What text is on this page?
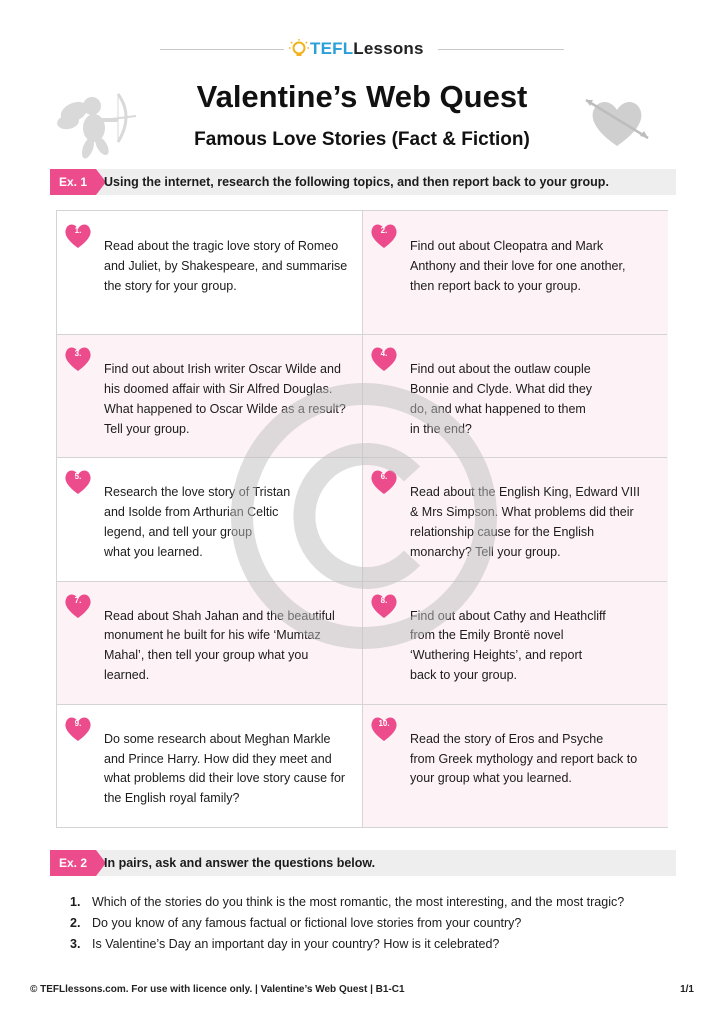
TEFLLessons
Valentine’s Web Quest
Famous Love Stories (Fact & Fiction)
Ex. 1	Using the internet, research the following topics, and then report back to your group.
1.
Read about the tragic love story of Romeo
and Juliet, by Shakespeare, and summarise
the story for your group.
2.
Find out about Cleopatra and Mark
Anthony and their love for one another,
then report back to your group.
3.
Find out about Irish writer Oscar Wilde and
his doomed affair with Sir Alfred Douglas.
What happened to Oscar Wilde as a result?
Tell your group.
4.
Find out about the outlaw couple
Bonnie and Clyde. What did they
do, and what happened to them
in the end?
5.
Research the love story of Tristan
and Isolde from Arthurian Celtic
legend, and tell your group
what you learned.
6.
Read about the English King, Edward VIII
& Mrs Simpson. What problems did their
relationship cause for the English
monarchy? Tell your group.
7.
Read about Shah Jahan and the beautiful
monument he built for his wife ‘Mumtaz
Mahal’, then tell your group what you
learned.
8.
Find out about Cathy and Heathcliff
from the Emily Brontë novel
‘Wuthering Heights’, and report
back to your group.
9.
Do some research about Meghan Markle
and Prince Harry. How did they meet and
what problems did their love story cause for
the English royal family?
10.
Read the story of Eros and Psyche
from Greek mythology and report back to
your group what you learned.
Ex. 2	In pairs, ask and answer the questions below.
1. Which of the stories do you think is the most romantic, the most interesting, and the most tragic?
2. Do you know of any famous factual or fictional love stories from your country?
3. Is Valentine’s Day an important day in your country? How is it celebrated?
© TEFLlessons.com. For use with licence only. | Valentine’s Web Quest | B1-C1	1/1
